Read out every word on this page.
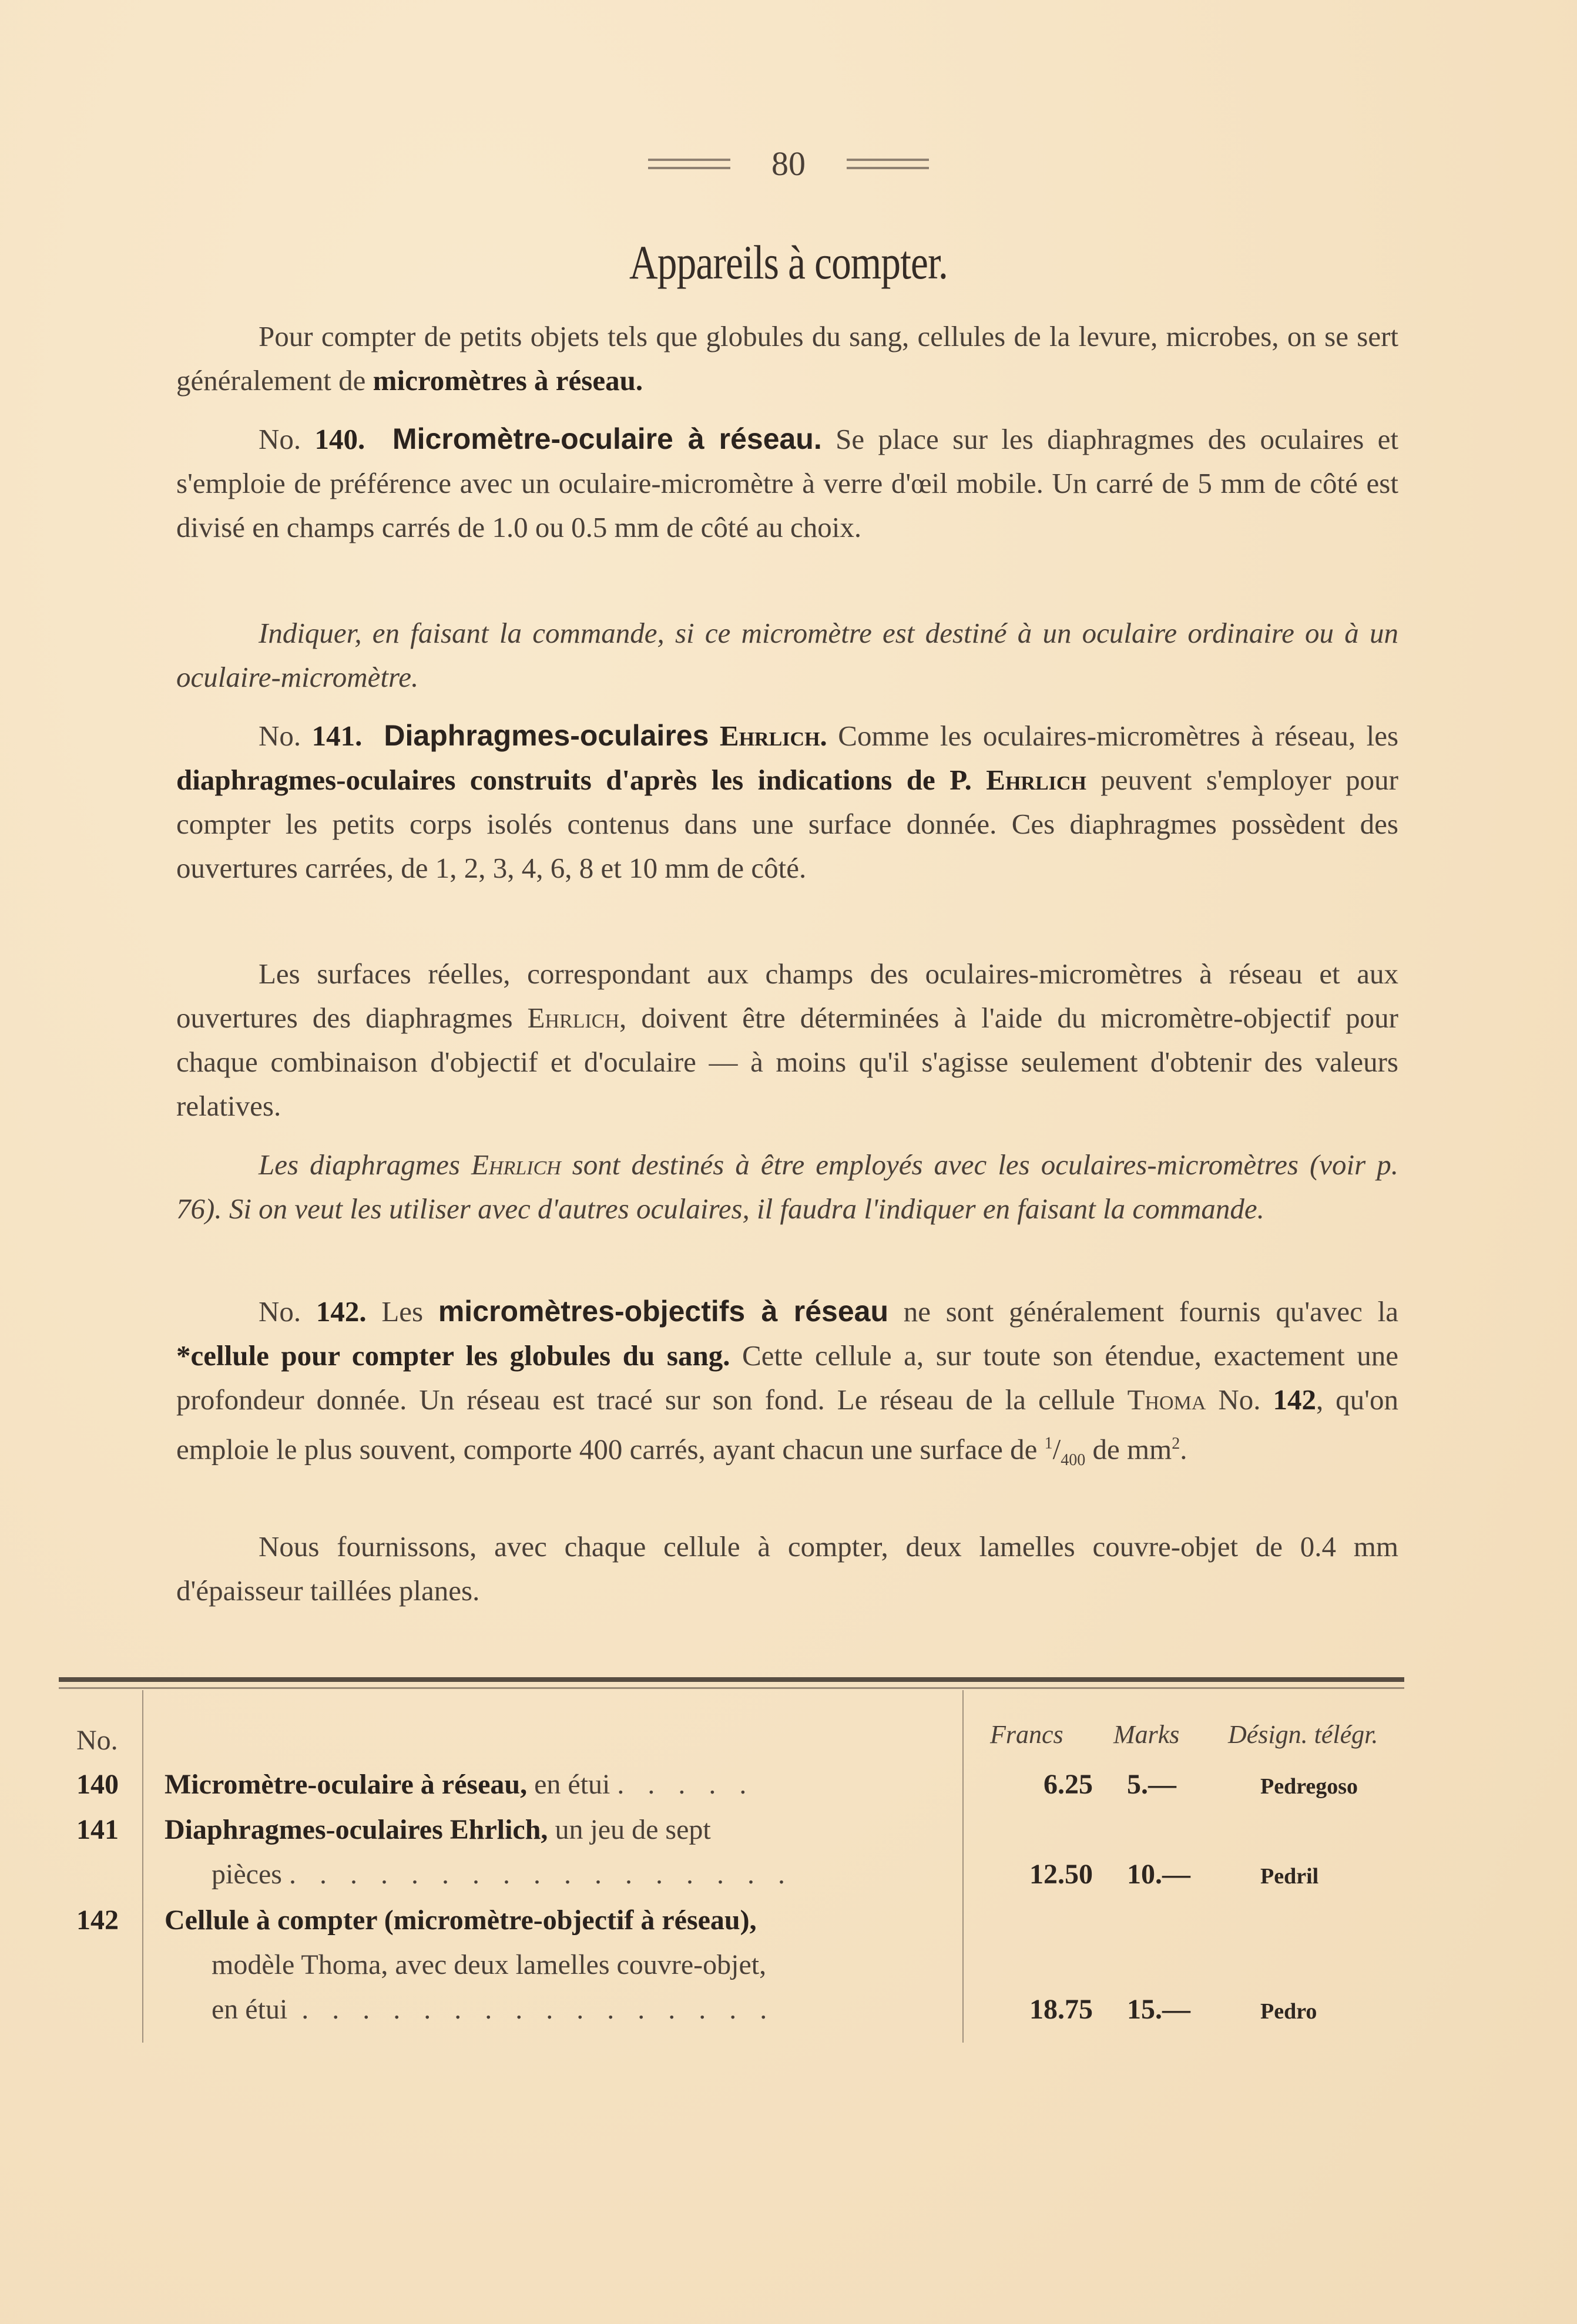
80
Appareils à compter.

Pour compter de petits objets tels que globules du sang, cellules de la levure, microbes, on se sert généralement de micromètres à réseau.

No. 140. Micromètre-oculaire à réseau. Se place sur les diaphragmes des oculaires et s'emploie de préférence avec un oculaire-micromètre à verre d'œil mobile. Un carré de 5 mm de côté est divisé en champs carrés de 1.0 ou 0.5 mm de côté au choix.

Indiquer, en faisant la commande, si ce micromètre est destiné à un oculaire ordinaire ou à un oculaire-micromètre.

No. 141. Diaphragmes-oculaires Ehrlich. Comme les oculaires-micromètres à réseau, les diaphragmes-oculaires construits d'après les indications de P. Ehrlich peuvent s'employer pour compter les petits corps isolés contenus dans une surface donnée. Ces diaphragmes possèdent des ouvertures carrées, de 1, 2, 3, 4, 6, 8 et 10 mm de côté.

Les surfaces réelles, correspondant aux champs des oculaires-micromètres à réseau et aux ouvertures des diaphragmes Ehrlich, doivent être déterminées à l'aide du micromètre-objectif pour chaque combinaison d'objectif et d'oculaire — à moins qu'il s'agisse seulement d'obtenir des valeurs relatives.

Les diaphragmes Ehrlich sont destinés à être employés avec les oculaires-micromètres (voir p. 76). Si on veut les utiliser avec d'autres oculaires, il faudra l'indiquer en faisant la commande.

No. 142. Les micromètres-objectifs à réseau ne sont généralement fournis qu'avec la *cellule pour compter les globules du sang. Cette cellule a, sur toute son étendue, exactement une profondeur donnée. Un réseau est tracé sur son fond. Le réseau de la cellule Thoma No. 142, qu'on emploie le plus souvent, comporte 400 carrés, ayant chacun une surface de $^1/_{400}$ de $mm^2$.

Nous fournissons, avec chaque cellule à compter, deux lamelles couvre-objet de 0.4 mm d'épaisseur taillées planes.

No.	Francs Marks Désign. télégr.
140 Micromètre-oculaire à réseau, en étui . . . . .	6.25	5.—	Pedregoso
141 Diaphragmes-oculaires Ehrlich, un jeu de sept
pièces . . . . . . . . . . . . . . . . .	12.50	10.—	Pedril
142 Cellule à compter (micromètre-objectif à réseau),
modèle Thoma, avec deux lamelles couvre-objet,
en étui . . . . . . . . . . . . . . . .	18.75	15.—	Pedro
